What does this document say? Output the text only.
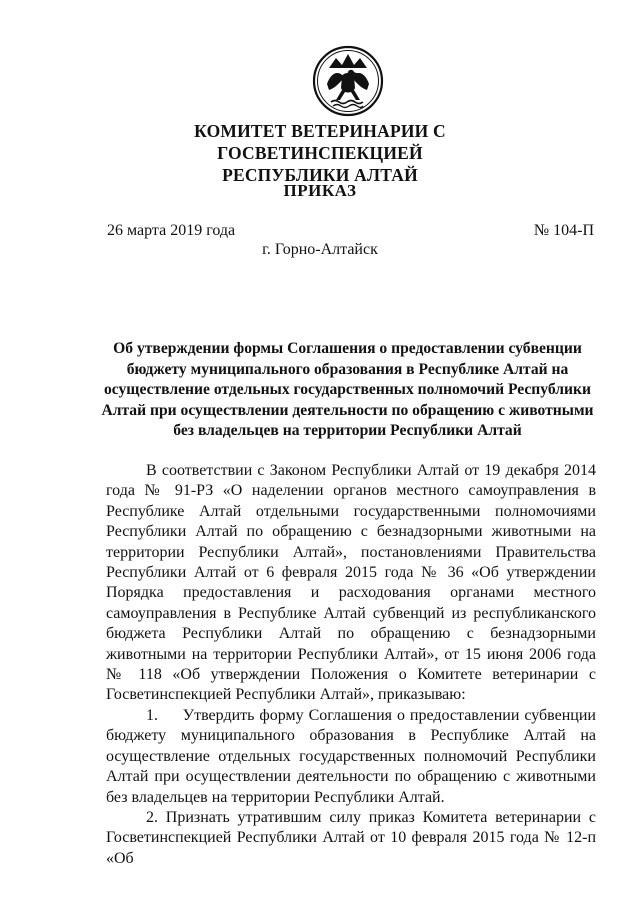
КОМИТЕТ ВЕТЕРИНАРИИ С ГОСВЕТИНСПЕКЦИЕЙ
РЕСПУБЛИКИ АЛТАЙ
ПРИКАЗ
26 марта 2019 года	№ 104-П
г. Горно-Алтайск
Об утверждении формы Соглашения о предоставлении субвенции бюджету муниципального образования в Республике Алтай на осуществление отдельных государственных полномочий Республики Алтай при осуществлении деятельности по обращению с животными без владельцев на территории Республики Алтай

В соответствии с Законом Республики Алтай от 19 декабря 2014 года № 91-РЗ «О наделении органов местного самоуправления в Республике Алтай отдельными государственными полномочиями Республики Алтай по обращению с безнадзорными животными на территории Республики Алтай», постановлениями Правительства Республики Алтай от 6 февраля 2015 года № 36 «Об утверждении Порядка предоставления и расходования органами местного самоуправления в Республике Алтай субвенций из республиканского бюджета Республики Алтай по обращению с безнадзорными животными на территории Республики Алтай», от 15 июня 2006 года № 118 «Об утверждении Положения о Комитете ветеринарии с Госветинспекцией Республики Алтай», приказываю:

1.     Утвердить форму Соглашения о предоставлении субвенции бюджету муниципального образования в Республике Алтай на осуществление отдельных государственных полномочий Республики Алтай при осуществлении деятельности по обращению с животными без владельцев на территории Республики Алтай.

2. Признать утратившим силу приказ Комитета ветеринарии с Госветинспекцией Республики Алтай от 10 февраля 2015 года № 12-п «Об
